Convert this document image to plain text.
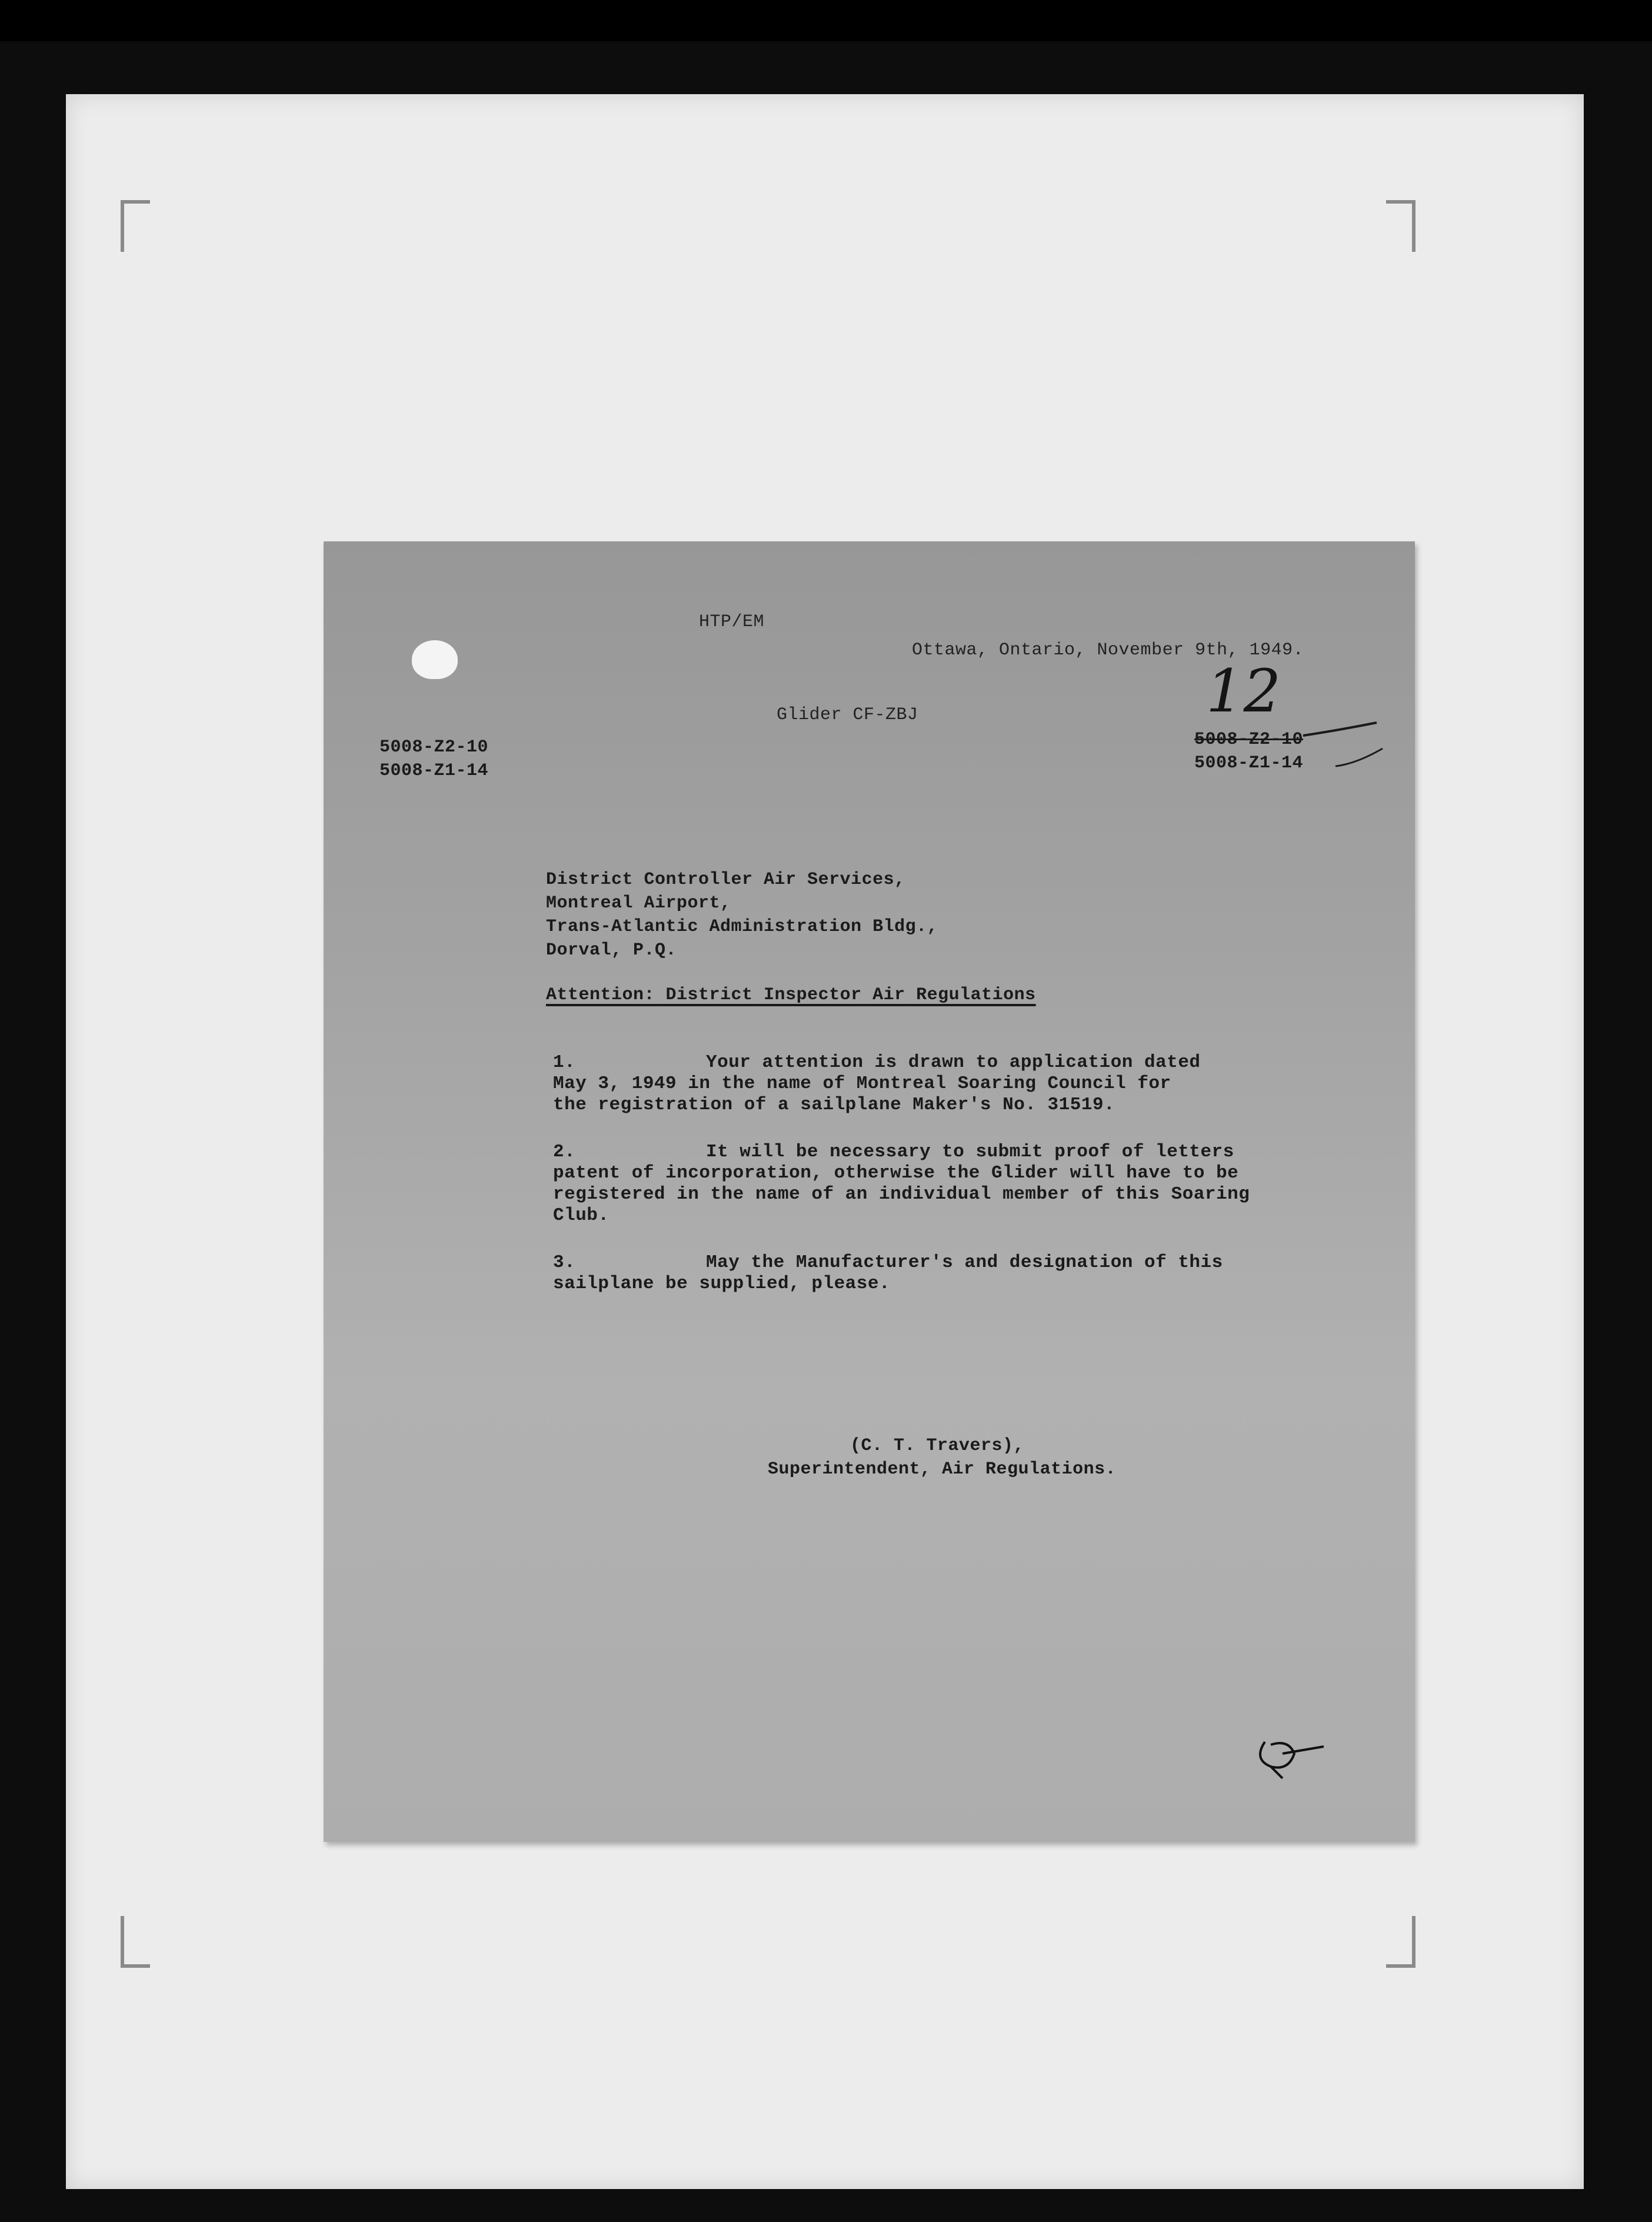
HTP/EM
Ottawa, Ontario, November 9th, 1949.
Glider CF-ZBJ	12
5008-Z2-10
5008-Z1-14
5008-Z2-10
5008-Z1-14
District Controller Air Services,
Montreal Airport,
Trans-Atlantic Administration Bldg.,
Dorval, P.Q.
Attention: District Inspector Air Regulations
1.	Your attention is drawn to application dated
May 3, 1949 in the name of Montreal Soaring Council for
the registration of a sailplane Maker's No. 31519.
2.	It will be necessary to submit proof of letters
patent of incorporation, otherwise the Glider will have to be
registered in the name of an individual member of this Soaring
Club.
3.	May the Manufacturer's and designation of this
sailplane be supplied, please.
(C. T. Travers),
Superintendent, Air Regulations.
